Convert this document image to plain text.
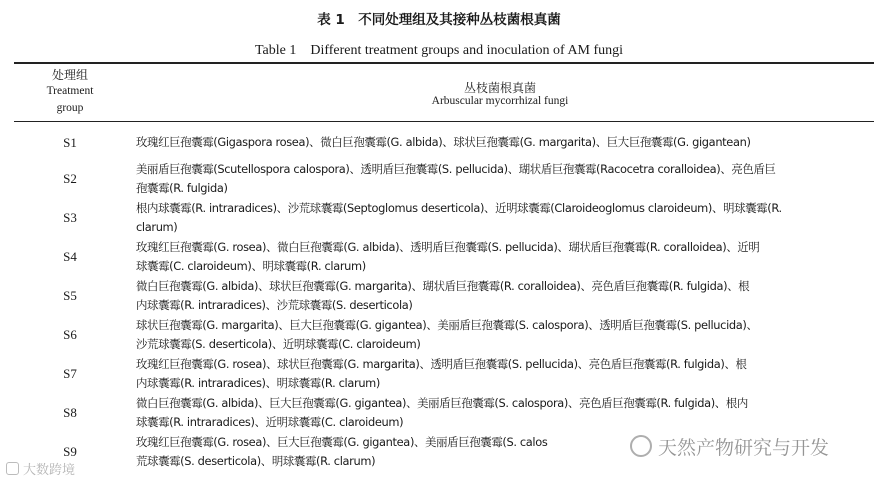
表 1　不同处理组及其接种丛枝菌根真菌
Table 1　Different treatment groups and inoculation of AM fungi
处理组
Treatment
group
丛枝菌根真菌
Arbuscular mycorrhizal fungi
S1	玫瑰红巨孢囊霉(Gigaspora rosea)、微白巨孢囊霉(G. albida)、球状巨孢囊霉(G. margarita)、巨大巨孢囊霉(G. gigantean)
S2
美丽盾巨孢囊霉(Scutellospora calospora)、透明盾巨孢囊霉(S. pellucida)、瑚状盾巨孢囊霉(Racocetra coralloidea)、亮色盾巨
孢囊霉(R. fulgida)
S3
根内球囊霉(R. intraradices)、沙荒球囊霉(Septoglomus deserticola)、近明球囊霉(Claroideoglomus claroideum)、明球囊霉(R.
clarum)
S4
玫瑰红巨孢囊霉(G. rosea)、微白巨孢囊霉(G. albida)、透明盾巨孢囊霉(S. pellucida)、瑚状盾巨孢囊霉(R. coralloidea)、近明
球囊霉(C. claroideum)、明球囊霉(R. clarum)
S5
微白巨孢囊霉(G. albida)、球状巨孢囊霉(G. margarita)、瑚状盾巨孢囊霉(R. coralloidea)、亮色盾巨孢囊霉(R. fulgida)、根
内球囊霉(R. intraradices)、沙荒球囊霉(S. deserticola)
S6
球状巨孢囊霉(G. margarita)、巨大巨孢囊霉(G. gigantea)、美丽盾巨孢囊霉(S. calospora)、透明盾巨孢囊霉(S. pellucida)、
沙荒球囊霉(S. deserticola)、近明球囊霉(C. claroideum)
S7
玫瑰红巨孢囊霉(G. rosea)、球状巨孢囊霉(G. margarita)、透明盾巨孢囊霉(S. pellucida)、亮色盾巨孢囊霉(R. fulgida)、根
内球囊霉(R. intraradices)、明球囊霉(R. clarum)
S8
微白巨孢囊霉(G. albida)、巨大巨孢囊霉(G. gigantea)、美丽盾巨孢囊霉(S. calospora)、亮色盾巨孢囊霉(R. fulgida)、根内
球囊霉(R. intraradices)、近明球囊霉(C. claroideum)
S9
玫瑰红巨孢囊霉(G. rosea)、巨大巨孢囊霉(G. gigantea)、美丽盾巨孢囊霉(S. calos
荒球囊霉(S. deserticola)、明球囊霉(R. clarum)
天然产物研究与开发
大数跨境
